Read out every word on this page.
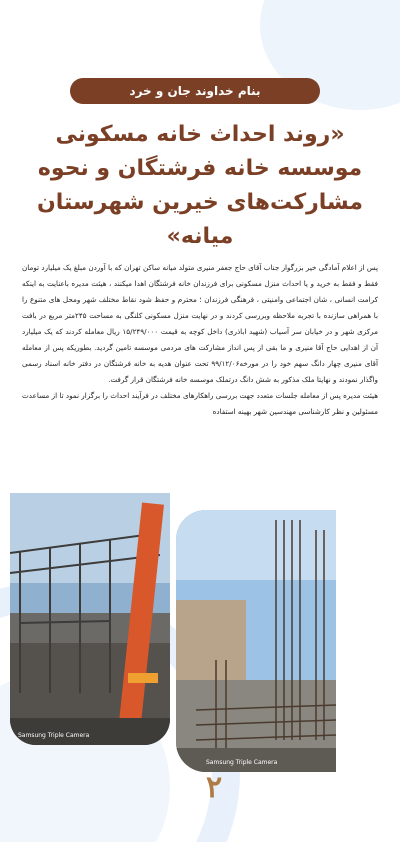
بنام خداوند جان و خرد
«روند احداث خانه مسکونی
موسسه خانه فرشتگان و نحوه
مشارکت‌های خیرین شهرستان میانه»

پس از اعلام آمادگی خیر بزرگوار جناب آقای حاج جعفر منیری متولد میانه ساکن تهران که با آوردن مبلغ یک میلیارد تومان فقط و فقط به خرید و یا احداث منزل مسکونی برای فرزندان خانه فرشتگان اهدا میکنند ، هیئت مدیره باعنایت به اینکه کرامت انسانی ، شان اجتماعی وامنیتی ، فرهنگی فرزندان ؛ محترم و حفظ شود نقاط مختلف شهر ومحل های متنوع را با همراهی سازنده با تجربه ملاحظه وبررسی کردند و در نهایت منزل مسکونی کلنگی به مساحت ۲۴۵متر مربع در بافت مرکزی شهر و در خیابان سر آسیاب (شهید اباذری) داخل کوچه به قیمت ۱۵/۲۴۹/۰۰۰ ریال معامله کردند که یک میلیارد آن از اهدایی حاج آقا منیری و ما بقی از پس انداز مشارکت های مردمی موسسه تامین گردید. بطوریکه پس از معامله آقای منیری چهار دانگ سهم خود را در مورخه۹۹/۱۲/۰۶ تحت عنوان هدیه به خانه فرشتگان در دفتر خانه اسناد رسمی واگذار نمودند و نهایتا ملک مذکور به شش دانگ درتملک موسسه خانه فرشتگان قرار گرفت.

هیئت مدیره پس از معامله جلسات متعدد جهت بررسی راهکارهای مختلف در فرآیند احداث را برگزار نمود تا از مساعدت مسئولین و نظر کارشناسی مهندسین شهر بهینه استفاده

Samsung Triple Camera
Samsung Triple Camera
۲
